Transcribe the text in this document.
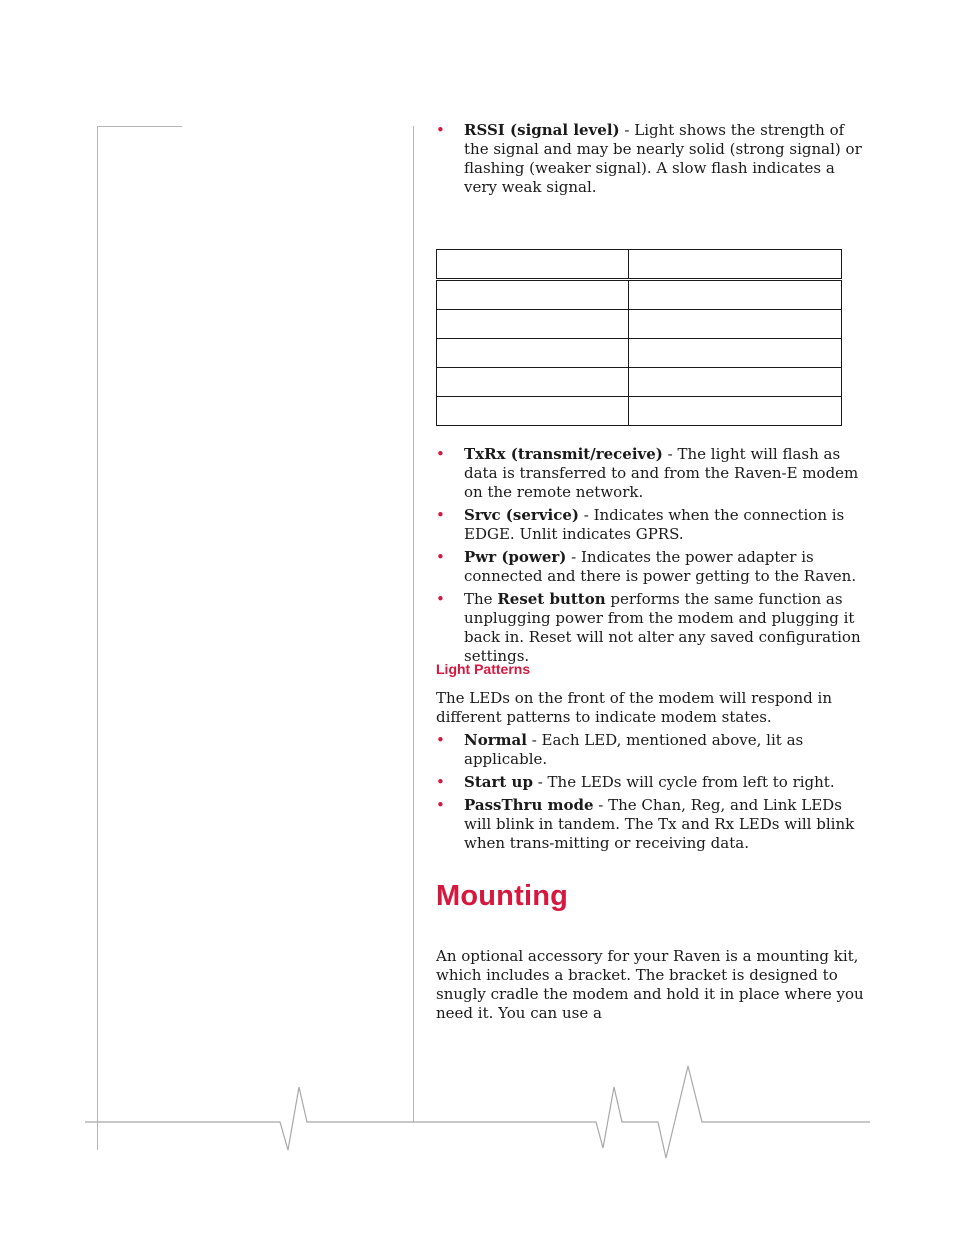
• RSSI (signal level) - Light shows the strength of the signal and may be nearly solid (strong signal) or flashing (weaker signal). A slow flash indicates a very weak signal.

• TxRx (transmit/receive) - The light will flash as data is transferred to and from the Raven-E modem on the remote network.
• Srvc (service) - Indicates when the connection is EDGE. Unlit indicates GPRS.
• Pwr (power) - Indicates the power adapter is connected and there is power getting to the Raven.
• The Reset button performs the same function as unplugging power from the modem and plugging it back in. Reset will not alter any saved configuration settings.
Light Patterns

The LEDs on the front of the modem will respond in different patterns to indicate modem states.

• Normal - Each LED, mentioned above, lit as applicable.
• Start up - The LEDs will cycle from left to right.
• PassThru mode - The Chan, Reg, and Link LEDs will blink in tandem. The Tx and Rx LEDs will blink when trans-mitting or receiving data.
Mounting

An optional accessory for your Raven is a mounting kit, which includes a bracket. The bracket is designed to snugly cradle the modem and hold it in place where you need it. You can use a
